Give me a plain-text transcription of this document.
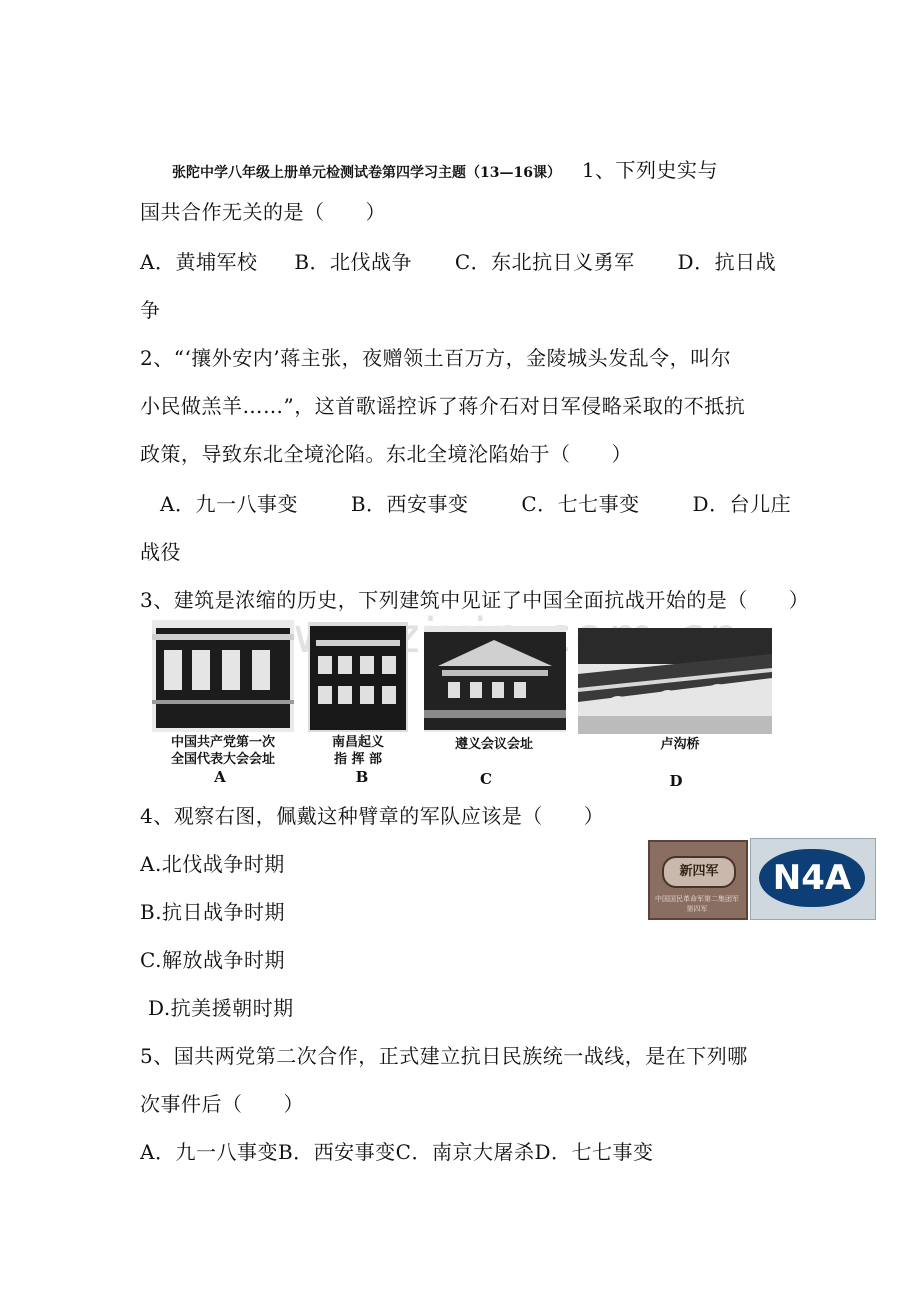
张陀中学八年级上册单元检测试卷第四学习主题（13—16课） 1、下列史实与
国共合作无关的是（　　）
A．黄埔军校 B．北伐战争 C．东北抗日义勇军 D．抗日战
争
2、“‘攘外安内’蒋主张，夜赠领土百万方，金陵城头发乱令，叫尔
小民做羔羊……”，这首歌谣控诉了蒋介石对日军侵略采取的不抵抗
政策，导致东北全境沦陷。东北全境沦陷始于（　　）
A．九一八事变	B．西安事变	C．七七事变	D．台儿庄
战役
3、建筑是浓缩的历史，下列建筑中见证了中国全面抗战开始的是（　　）
中国共产党第一次
全国代表大会会址
A
南昌起义
指 挥 部
B
遵义会议会址
C
卢沟桥
D
4、观察右图，佩戴这种臂章的军队应该是（　　）
A.北伐战争时期
B.抗日战争时期
C.解放战争时期
D.抗美援朝时期
新四军
中国国民革命军第二集团军第四军
N4A
5、国共两党第二次合作，正式建立抗日民族统一战线，是在下列哪
次事件后（　　）
A．九一八事变B．西安事变C．南京大屠杀D．七七事变
